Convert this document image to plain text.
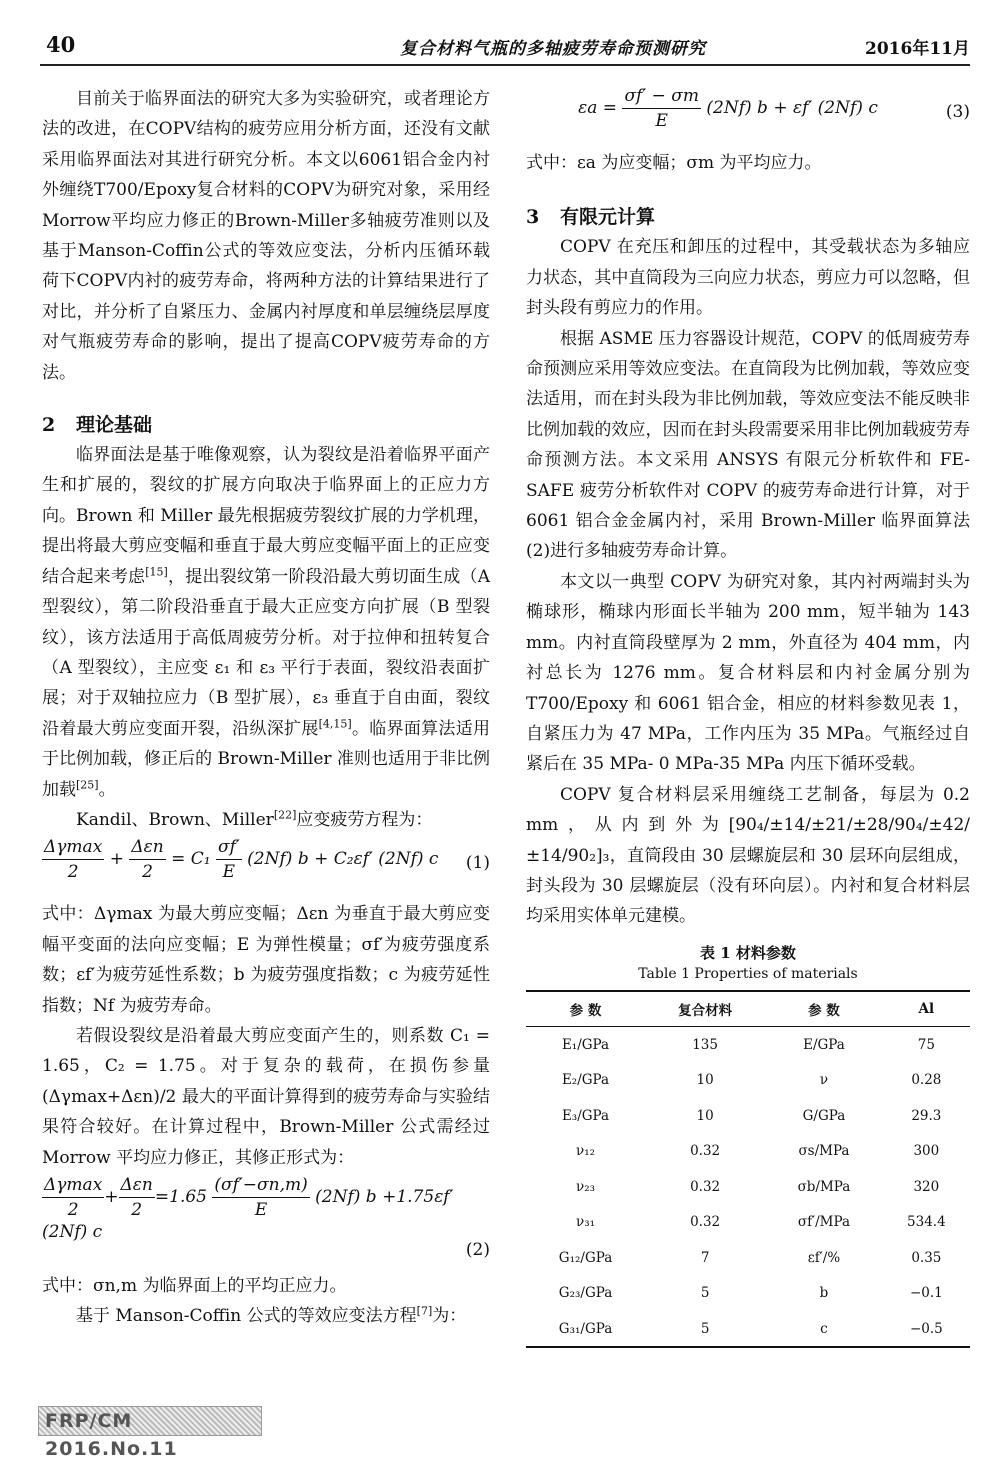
40	复合材料气瓶的多轴疲劳寿命预测研究	2016年11月

目前关于临界面法的研究大多为实验研究，或者理论方法的改进，在COPV结构的疲劳应用分析方面，还没有文献采用临界面法对其进行研究分析。本文以6061铝合金内衬外缠绕T700/Epoxy复合材料的COPV为研究对象，采用经Morrow平均应力修正的Brown-Miller多轴疲劳准则以及基于Manson-Coffin公式的等效应变法，分析内压循环载荷下COPV内衬的疲劳寿命，将两种方法的计算结果进行了对比，并分析了自紧压力、金属内衬厚度和单层缠绕层厚度对气瓶疲劳寿命的影响，提出了提高COPV疲劳寿命的方法。

2 理论基础

临界面法是基于唯像观察，认为裂纹是沿着临界平面产生和扩展的，裂纹的扩展方向取决于临界面上的正应力方向。Brown 和 Miller 最先根据疲劳裂纹扩展的力学机理，提出将最大剪应变幅和垂直于最大剪应变幅平面上的正应变结合起来考虑[15]，提出裂纹第一阶段沿最大剪切面生成（A 型裂纹），第二阶段沿垂直于最大正应变方向扩展（B 型裂纹），该方法适用于高低周疲劳分析。对于拉伸和扭转复合（A 型裂纹），主应变 ε₁ 和 ε₃ 平行于表面，裂纹沿表面扩展；对于双轴拉应力（B 型扩展），ε₃ 垂直于自由面，裂纹沿着最大剪应变面开裂，沿纵深扩展[4,15]。临界面算法适用于比例加载，修正后的 Brown-Miller 准则也适用于非比例加载[25]。

Kandil、Brown、Miller[22]应变疲劳方程为：

$\frac{\Delta\gamma\max}{2} + \frac{\text{Δεn}}{2} = C_1 \frac{\sigma f'}{E} (2Nf) b + C_2\varepsilon f'$ (2Nf) c (1)

式中：Δγmax 为最大剪应变幅；Δεn 为垂直于最大剪应变幅平变面的法向应变幅；E 为弹性模量；σf′为疲劳强度系数；εf′为疲劳延性系数；b 为疲劳强度指数；c 为疲劳延性指数；Nf 为疲劳寿命。

若假设裂纹是沿着最大剪应变面产生的，则系数 C₁ = 1.65，C₂ = 1.75。对于复杂的载荷，在损伤参量(Δγmax+Δεn)/2 最大的平面计算得到的疲劳寿命与实验结果符合较好。在计算过程中，Brown-Miller 公式需经过 Morrow 平均应力修正，其修正形式为：

$\frac{\Delta\gamma\max}{2} + \frac{\text{Δεn}}{2} =1.65 \frac{(\sigma f'-\sigma n,m)}{E} (2Nf)$ b +1.75εf′ (2Nf) c
(2)

式中：σn,m 为临界面上的平均正应力。

基于 Manson-Coffin 公式的等效应变法方程[7]为：

$\varepsilon a = \frac{\sigma f' - \sigma m}{E} (2Nf) b + \varepsilon f'$ (2Nf) c	(3)

式中：εa 为应变幅；σm 为平均应力。

3 有限元计算

COPV 在充压和卸压的过程中，其受载状态为多轴应力状态，其中直筒段为三向应力状态，剪应力可以忽略，但封头段有剪应力的作用。

根据 ASME 压力容器设计规范，COPV 的低周疲劳寿命预测应采用等效应变法。在直筒段为比例加载，等效应变法适用，而在封头段为非比例加载，等效应变法不能反映非比例加载的效应，因而在封头段需要采用非比例加载疲劳寿命预测方法。本文采用 ANSYS 有限元分析软件和 FE-SAFE 疲劳分析软件对 COPV 的疲劳寿命进行计算，对于 6061 铝合金金属内衬，采用 Brown-Miller 临界面算法(2)进行多轴疲劳寿命计算。

本文以一典型 COPV 为研究对象，其内衬两端封头为椭球形，椭球内形面长半轴为 200 mm，短半轴为 143 mm。内衬直筒段壁厚为 2 mm，外直径为 404 mm，内衬总长为 1276 mm。复合材料层和内衬金属分别为 T700/Epoxy 和 6061 铝合金，相应的材料参数见表 1，自紧压力为 47 MPa，工作内压为 35 MPa。气瓶经过自紧后在 35 MPa- 0 MPa-35 MPa 内压下循环受载。

COPV 复合材料层采用缠绕工艺制备，每层为 0.2 mm，从内到外为[90₄/±14/±21/±28/90₄/±42/±14/90₂]₃，直筒段由 30 层螺旋层和 30 层环向层组成，封头段为 30 层螺旋层（没有环向层）。内衬和复合材料层均采用实体单元建模。

表 1 材料参数
Table 1 Properties of materials
参 数	复合材料	参 数	Al
E₁/GPa	135	E/GPa	75
E₂/GPa	10	ν	0.28
E₃/GPa	10	G/GPa	29.3
ν₁₂	0.32	σs/MPa	300
ν₂₃	0.32	σb/MPa	320
ν₃₁	0.32	σf′/MPa	534.4
G₁₂/GPa	7	εf′/%	0.35
G₂₃/GPa	5	b	−0.1
G₃₁/GPa	5	c	−0.5
FRP/CM 2016.No.11
